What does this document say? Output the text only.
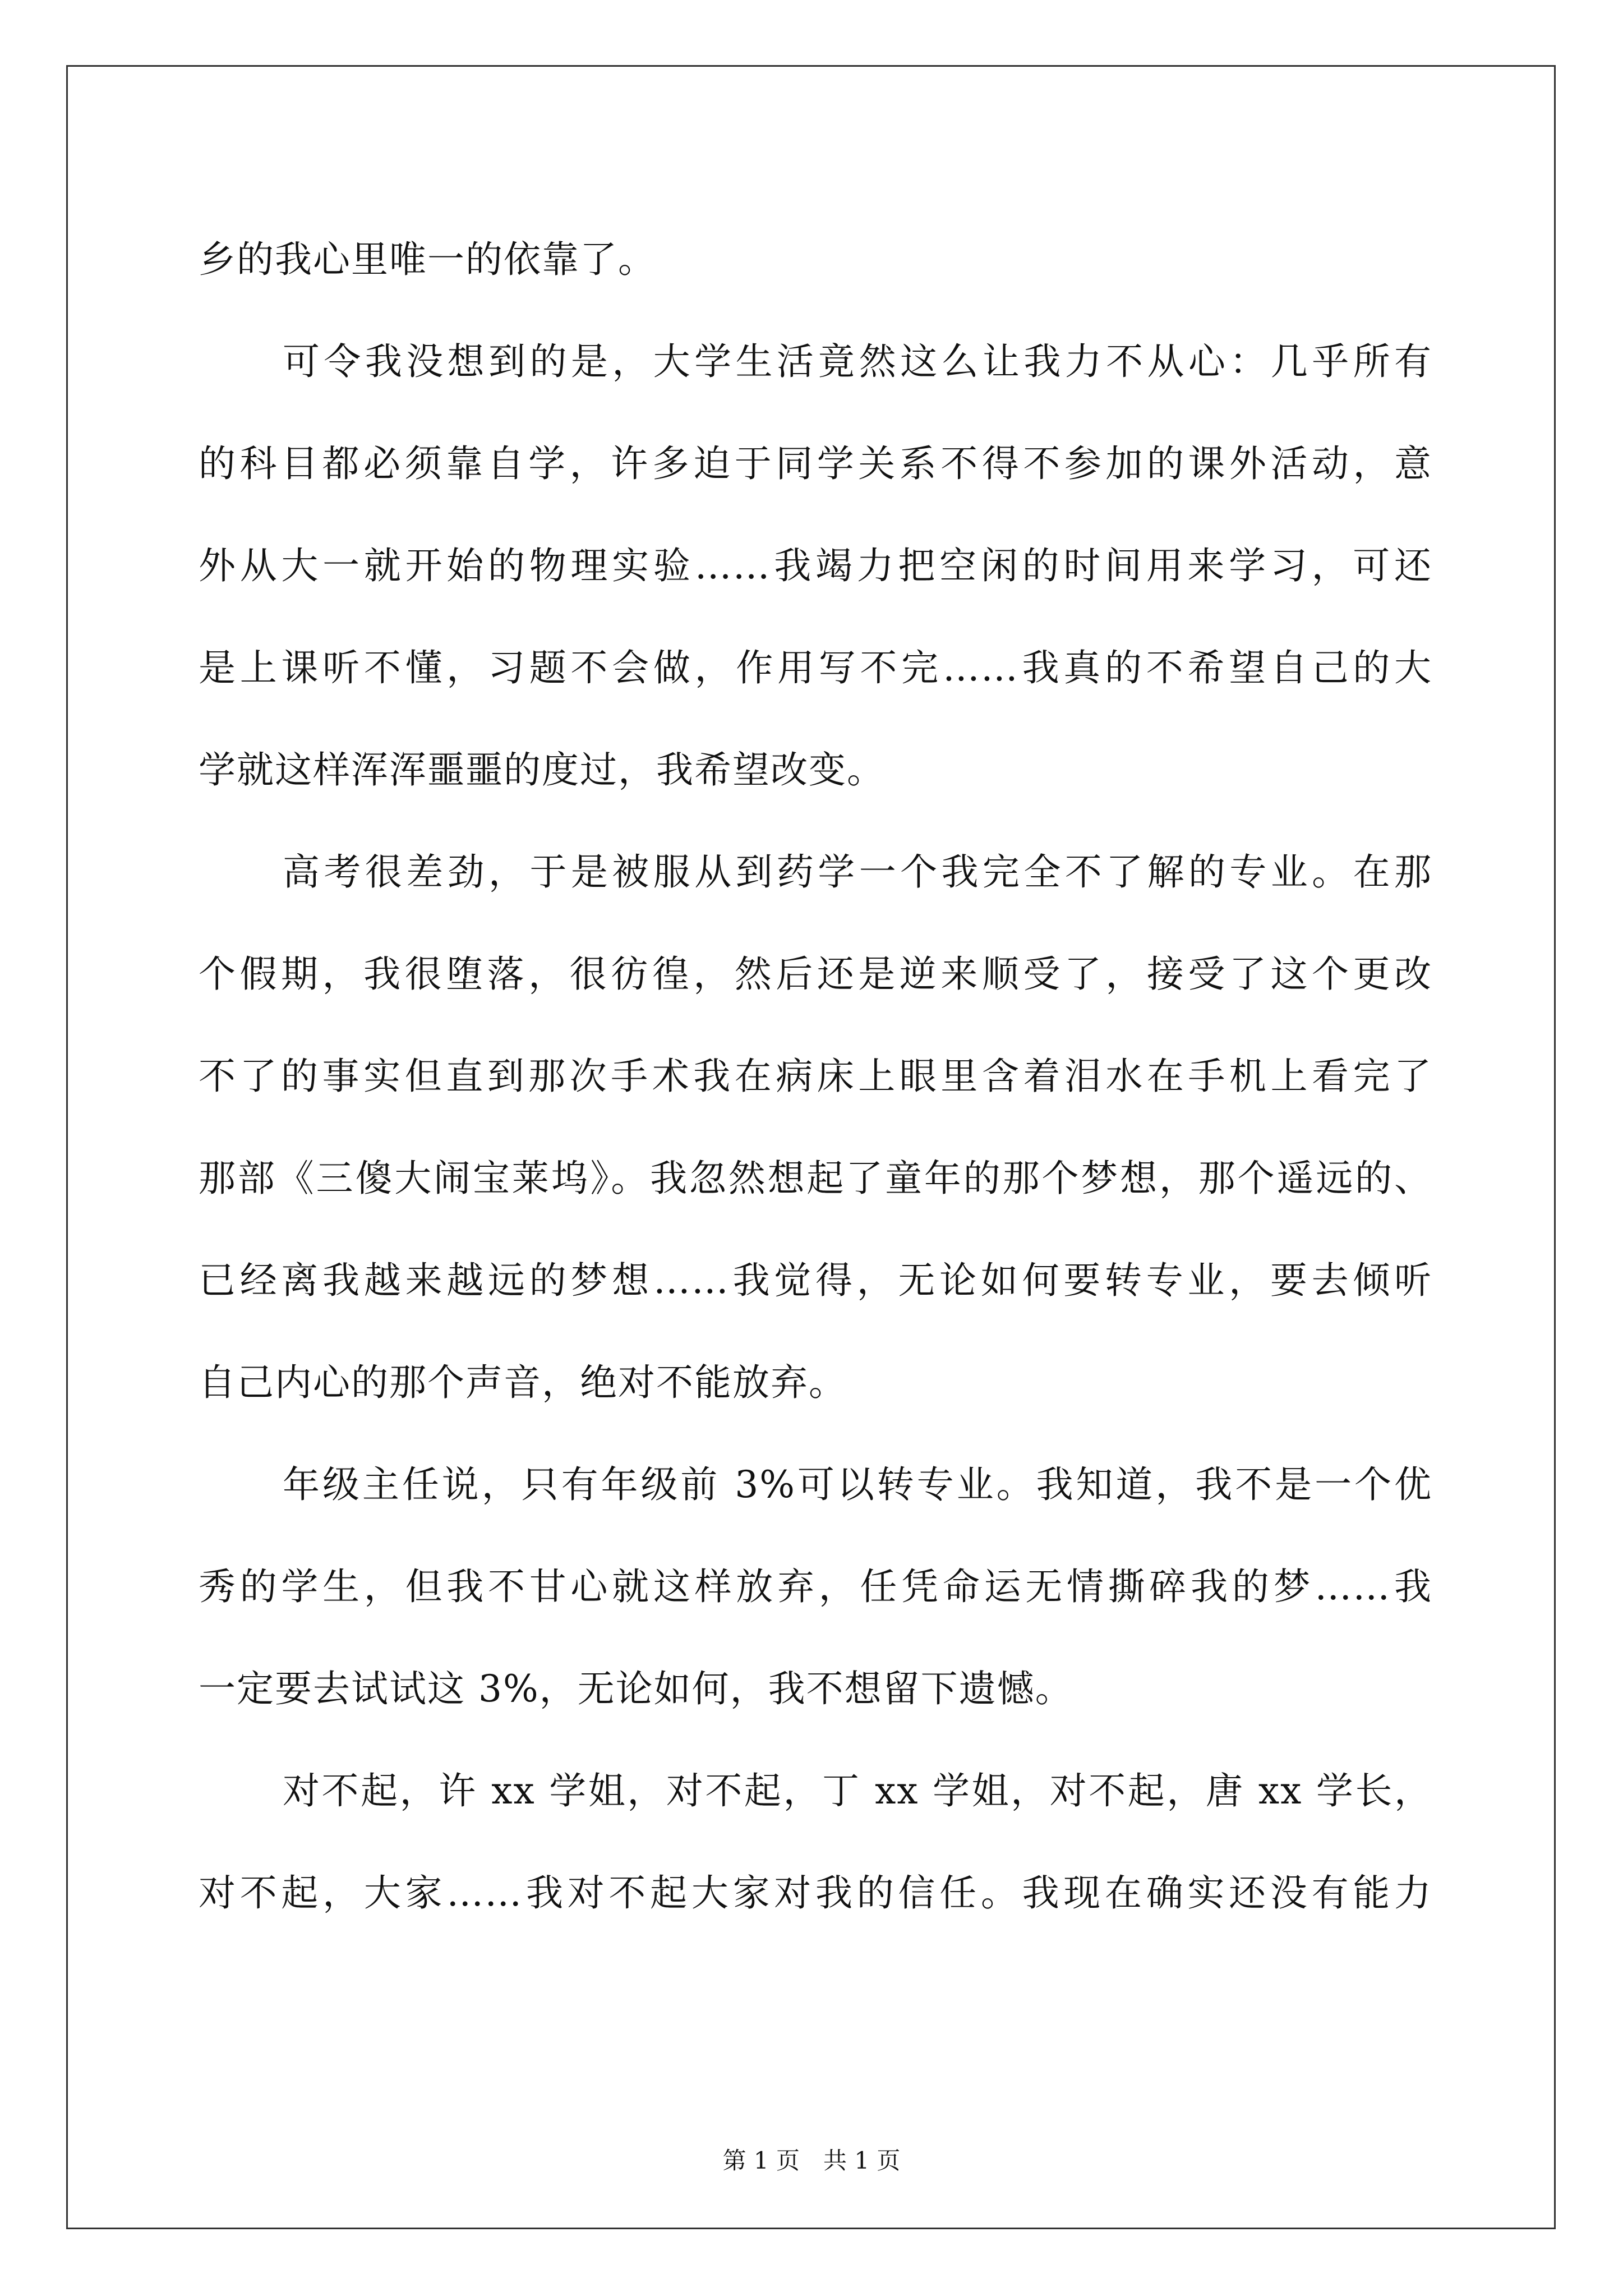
乡的我心里唯一的依靠了。
可令我没想到的是，大学生活竟然这么让我力不从心：几乎所有
的科目都必须靠自学，许多迫于同学关系不得不参加的课外活动，意
外从大一就开始的物理实验……我竭力把空闲的时间用来学习，可还
是上课听不懂，习题不会做，作用写不完……我真的不希望自己的大
学就这样浑浑噩噩的度过，我希望改变。
高考很差劲，于是被服从到药学一个我完全不了解的专业。在那
个假期，我很堕落，很彷徨，然后还是逆来顺受了，接受了这个更改
不了的事实但直到那次手术我在病床上眼里含着泪水在手机上看完了
那部《三傻大闹宝莱坞》。我忽然想起了童年的那个梦想，那个遥远的、
已经离我越来越远的梦想……我觉得，无论如何要转专业，要去倾听
自己内心的那个声音，绝对不能放弃。
年级主任说，只有年级前 3%可以转专业。我知道，我不是一个优
秀的学生，但我不甘心就这样放弃，任凭命运无情撕碎我的梦……我
一定要去试试这 3%，无论如何，我不想留下遗憾。
对不起，许 xx 学姐，对不起，丁 xx 学姐，对不起，唐 xx 学长，
对不起，大家……我对不起大家对我的信任。我现在确实还没有能力
第 1 页　共 1 页
